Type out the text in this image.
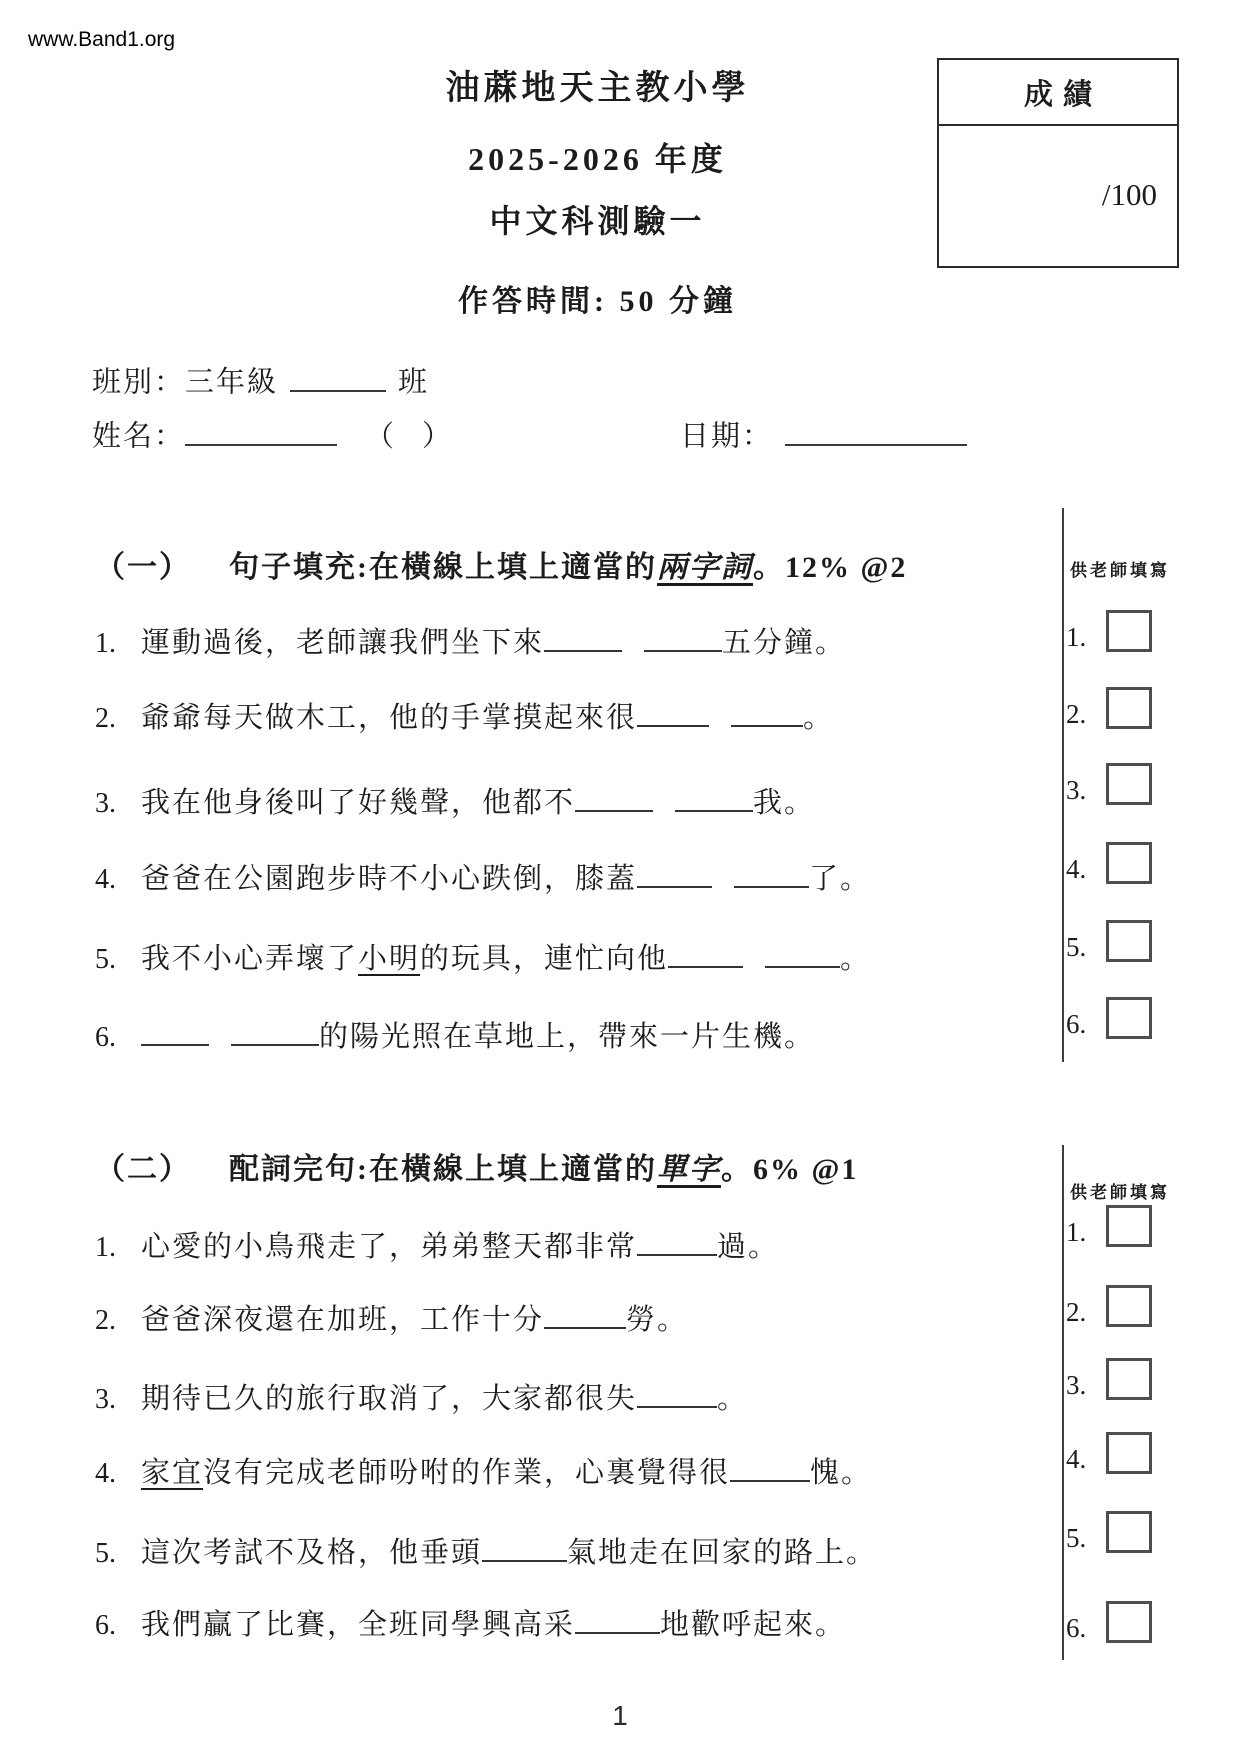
www.Band1.org
油蔴地天主教小學
2025-2026 年度
中文科測驗一
作答時間: 50 分鐘
成績
/100
班別：三年級	班
姓名：	（ ）	日期：
（一） 句子填充:在橫線上填上適當的兩字詞。12% @2
1. 運動過後，老師讓我們坐下來	五分鐘。
2. 爺爺每天做木工，他的手掌摸起來很	。
3. 我在他身後叫了好幾聲，他都不	我。
4. 爸爸在公園跑步時不小心跌倒，膝蓋	了。
5. 我不小心弄壞了小明的玩具，連忙向他	。
6.	的陽光照在草地上，帶來一片生機。
供老師填寫
1.
2.
3.
4.
5.
6.
（二） 配詞完句:在橫線上填上適當的單字。6% @1
1. 心愛的小鳥飛走了，弟弟整天都非常	過。
2. 爸爸深夜還在加班，工作十分	勞。
3. 期待已久的旅行取消了，大家都很失	。
4. 家宜沒有完成老師吩咐的作業，心裏覺得很	愧。
5. 這次考試不及格，他垂頭	氣地走在回家的路上。
6. 我們贏了比賽，全班同學興高采	地歡呼起來。
供老師填寫
1.
2.
3.
4.
5.
6.
1
